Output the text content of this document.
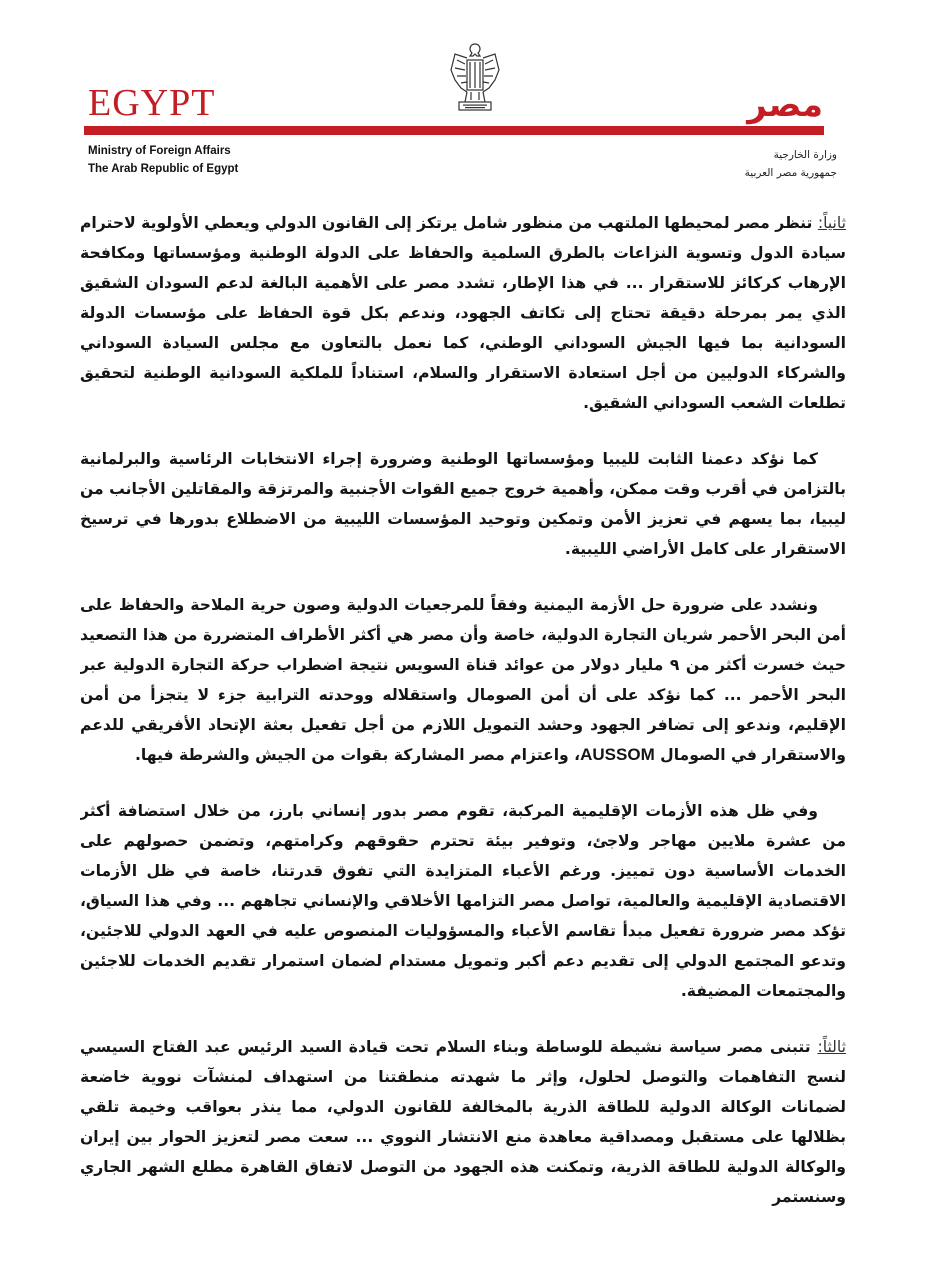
EGYPT	مصر
Ministry of Foreign Affairs
The Arab Republic of Egypt
وزارة الخارجية
جمهورية مصر العربية

ثانياً: تنظر مصر لمحيطها الملتهب من منظور شامل يرتكز إلى القانون الدولي ويعطي الأولوية لاحترام سيادة الدول وتسوية النزاعات بالطرق السلمية والحفاظ على الدولة الوطنية ومؤسساتها ومكافحة الإرهاب كركائز للاستقرار ... في هذا الإطار، تشدد مصر على الأهمية البالغة لدعم السودان الشقيق الذي يمر بمرحلة دقيقة تحتاج إلى تكاتف الجهود، وندعم بكل قوة الحفاظ على مؤسسات الدولة السودانية بما فيها الجيش السوداني الوطني، كما نعمل بالتعاون مع مجلس السيادة السوداني والشركاء الدوليين من أجل استعادة الاستقرار والسلام، استناداً للملكية السودانية الوطنية لتحقيق تطلعات الشعب السوداني الشقيق.

كما نؤكد دعمنا الثابت لليبيا ومؤسساتها الوطنية وضرورة إجراء الانتخابات الرئاسية والبرلمانية بالتزامن في أقرب وقت ممكن، وأهمية خروج جميع القوات الأجنبية والمرتزقة والمقاتلين الأجانب من ليبيا، بما يسهم في تعزيز الأمن وتمكين وتوحيد المؤسسات الليبية من الاضطلاع بدورها في ترسيخ الاستقرار على كامل الأراضي الليبية.

ونشدد على ضرورة حل الأزمة اليمنية وفقاً للمرجعيات الدولية وصون حرية الملاحة والحفاظ على أمن البحر الأحمر شريان التجارة الدولية، خاصة وأن مصر هي أكثر الأطراف المتضررة من هذا التصعيد حيث خسرت أكثر من ٩ مليار دولار من عوائد قناة السويس نتيجة اضطراب حركة التجارة الدولية عبر البحر الأحمر ... كما نؤكد على أن أمن الصومال واستقلاله ووحدته الترابية جزء لا يتجزأ من أمن الإقليم، وندعو إلى تضافر الجهود وحشد التمويل اللازم من أجل تفعيل بعثة الإتحاد الأفريقي للدعم والاستقرار في الصومال AUSSOM، واعتزام مصر المشاركة بقوات من الجيش والشرطة فيها.

وفي ظل هذه الأزمات الإقليمية المركبة، تقوم مصر بدور إنساني بارز، من خلال استضافة أكثر من عشرة ملايين مهاجر ولاجئ، وتوفير بيئة تحترم حقوقهم وكرامتهم، وتضمن حصولهم على الخدمات الأساسية دون تمييز. ورغم الأعباء المتزايدة التي تفوق قدرتنا، خاصة في ظل الأزمات الاقتصادية الإقليمية والعالمية، تواصل مصر التزامها الأخلاقي والإنساني تجاههم ... وفي هذا السياق، تؤكد مصر ضرورة تفعيل مبدأ تقاسم الأعباء والمسؤوليات المنصوص عليه في العهد الدولي للاجئين، وتدعو المجتمع الدولي إلى تقديم دعم أكبر وتمويل مستدام لضمان استمرار تقديم الخدمات للاجئين والمجتمعات المضيفة.

ثالثاً: تتبنى مصر سياسة نشيطة للوساطة وبناء السلام تحت قيادة السيد الرئيس عبد الفتاح السيسي لنسج التفاهمات والتوصل لحلول، وإثر ما شهدته منطقتنا من استهداف لمنشآت نووية خاضعة لضمانات الوكالة الدولية للطاقة الذرية بالمخالفة للقانون الدولي، مما ينذر بعواقب وخيمة تلقي بظلالها على مستقبل ومصداقية معاهدة منع الانتشار النووي ... سعت مصر لتعزيز الحوار بين إيران والوكالة الدولية للطاقة الذرية، وتمكنت هذه الجهود من التوصل لاتفاق القاهرة مطلع الشهر الجاري وسنستمر
